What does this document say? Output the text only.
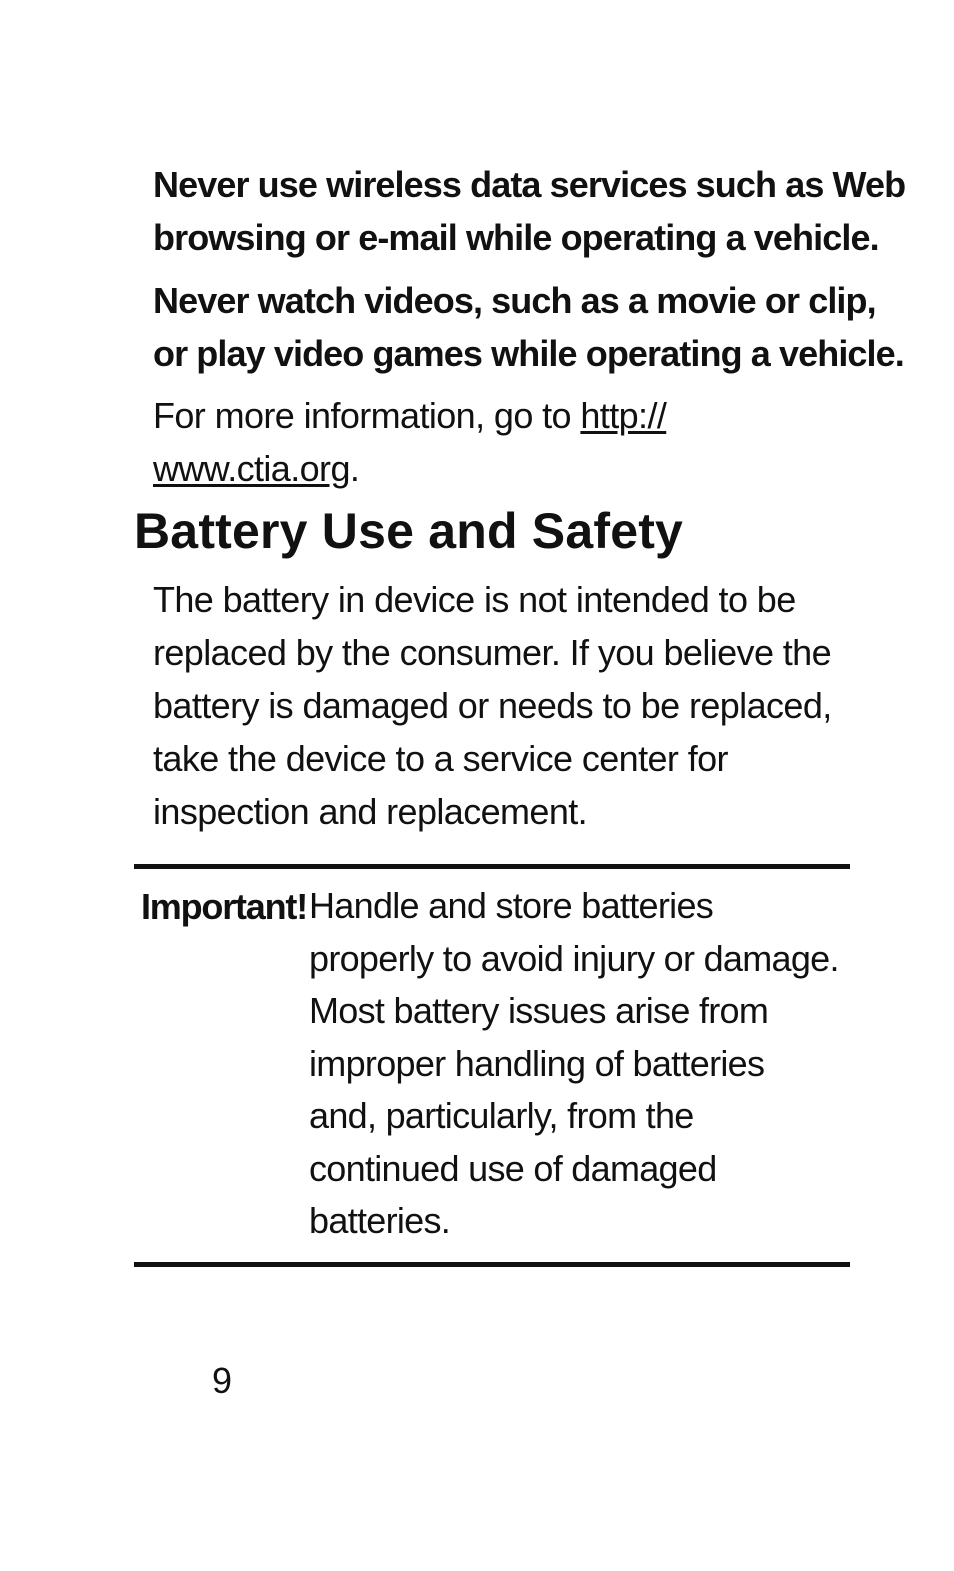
Never use wireless data services such as Web
browsing or e-mail while operating a vehicle.

Never watch videos, such as a movie or clip,
or play video games while operating a vehicle.

For more information, go to http://
www.ctia.org.

Battery Use and Safety

The battery in device is not intended to be
replaced by the consumer. If you believe the
battery is damaged or needs to be replaced,
take the device to a service center for
inspection and replacement.

Important! Handle and store batteries
properly to avoid injury or damage.
Most battery issues arise from
improper handling of batteries
and, particularly, from the
continued use of damaged
batteries.

9
